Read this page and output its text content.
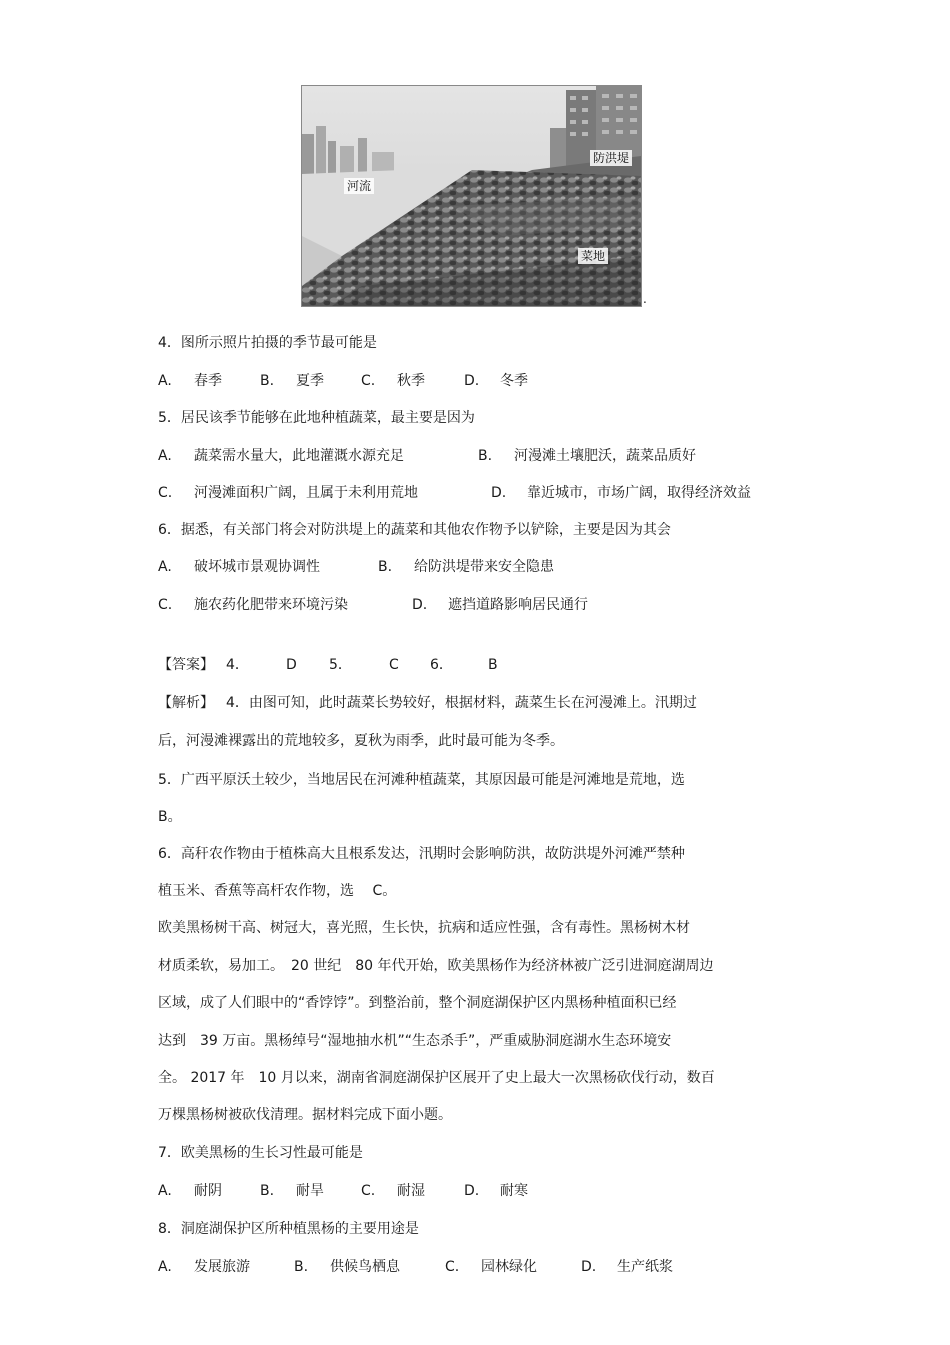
河流
防洪堤
菜地
.
4．图所示照片拍摄的季节最可能是
A. 春季	B. 夏季	C. 秋季	D. 冬季
5．居民该季节能够在此地种植蔬菜，最主要是因为
A. 蔬菜需水量大，此地灌溉水源充足	B. 河漫滩土壤肥沃，蔬菜品质好
C. 河漫滩面积广阔，且属于未利用荒地	D. 靠近城市，市场广阔，取得经济效益
6．据悉，有关部门将会对防洪堤上的蔬菜和其他农作物予以铲除，主要是因为其会
A. 破坏城市景观协调性	B. 给防洪堤带来安全隐患
C. 施农药化肥带来环境污染	D. 遮挡道路影响居民通行
【答案】 4．	D 5．	C 6．	B
【解析】 4．由图可知，此时蔬菜长势较好，根据材料，蔬菜生长在河漫滩上。汛期过
后，河漫滩裸露出的荒地较多，夏秋为雨季，此时最可能为冬季。
5．广西平原沃土较少，当地居民在河滩种植蔬菜，其原因最可能是河滩地是荒地，选
B。
6．高秆农作物由于植株高大且根系发达，汛期时会影响防洪，故防洪堤外河滩严禁种
植玉米、香蕉等高杆农作物，选　 C。
欧美黑杨树干高、树冠大，喜光照，生长快，抗病和适应性强，含有毒性。黑杨树木材
材质柔软，易加工。　20 世纪　80 年代开始，欧美黑杨作为经济林被广泛引进洞庭湖周边
区域，成了人们眼中的“香饽饽”。到整治前，整个洞庭湖保护区内黑杨种植面积已经
达到　39 万亩。黑杨绰号“湿地抽水机”“生态杀手”，严重威胁洞庭湖水生态环境安
全。 2017 年　10 月以来，湖南省洞庭湖保护区展开了史上最大一次黑杨砍伐行动，数百
万棵黑杨树被砍伐清理。据材料完成下面小题。
7．欧美黑杨的生长习性最可能是
A. 耐阴	B. 耐旱	C. 耐湿	D. 耐寒
8．洞庭湖保护区所种植黑杨的主要用途是
A. 发展旅游	B. 供候鸟栖息	C. 园林绿化	D. 生产纸浆
